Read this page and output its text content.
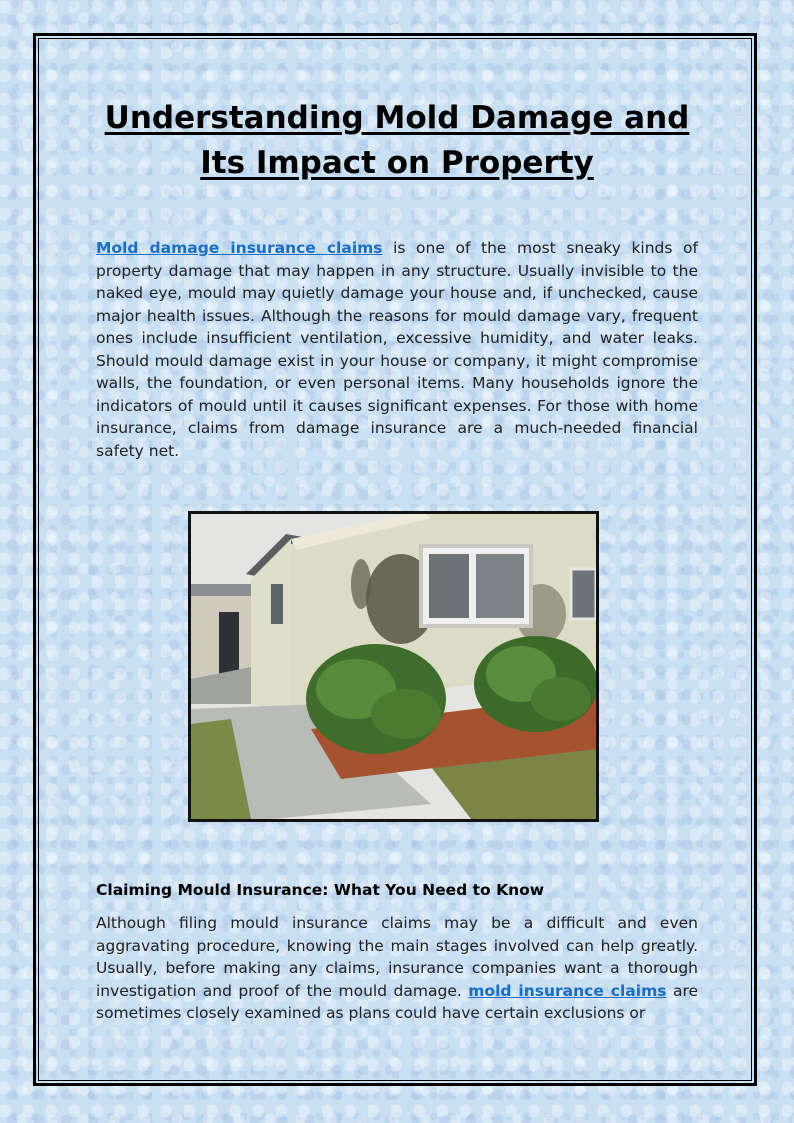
Understanding Mold Damage and
Its Impact on Property

Mold damage insurance claims is one of the most sneaky kinds of property damage that may happen in any structure. Usually invisible to the naked eye, mould may quietly damage your house and, if unchecked, cause major health issues. Although the reasons for mould damage vary, frequent ones include insufficient ventilation, excessive humidity, and water leaks. Should mould damage exist in your house or company, it might compromise walls, the foundation, or even personal items. Many households ignore the indicators of mould until it causes significant expenses. For those with home insurance, claims from damage insurance are a much-needed financial safety net.

Claiming Mould Insurance: What You Need to Know

Although filing mould insurance claims may be a difficult and even aggravating procedure, knowing the main stages involved can help greatly. Usually, before making any claims, insurance companies want a thorough investigation and proof of the mould damage. mold insurance claims are sometimes closely examined as plans could have certain exclusions or
